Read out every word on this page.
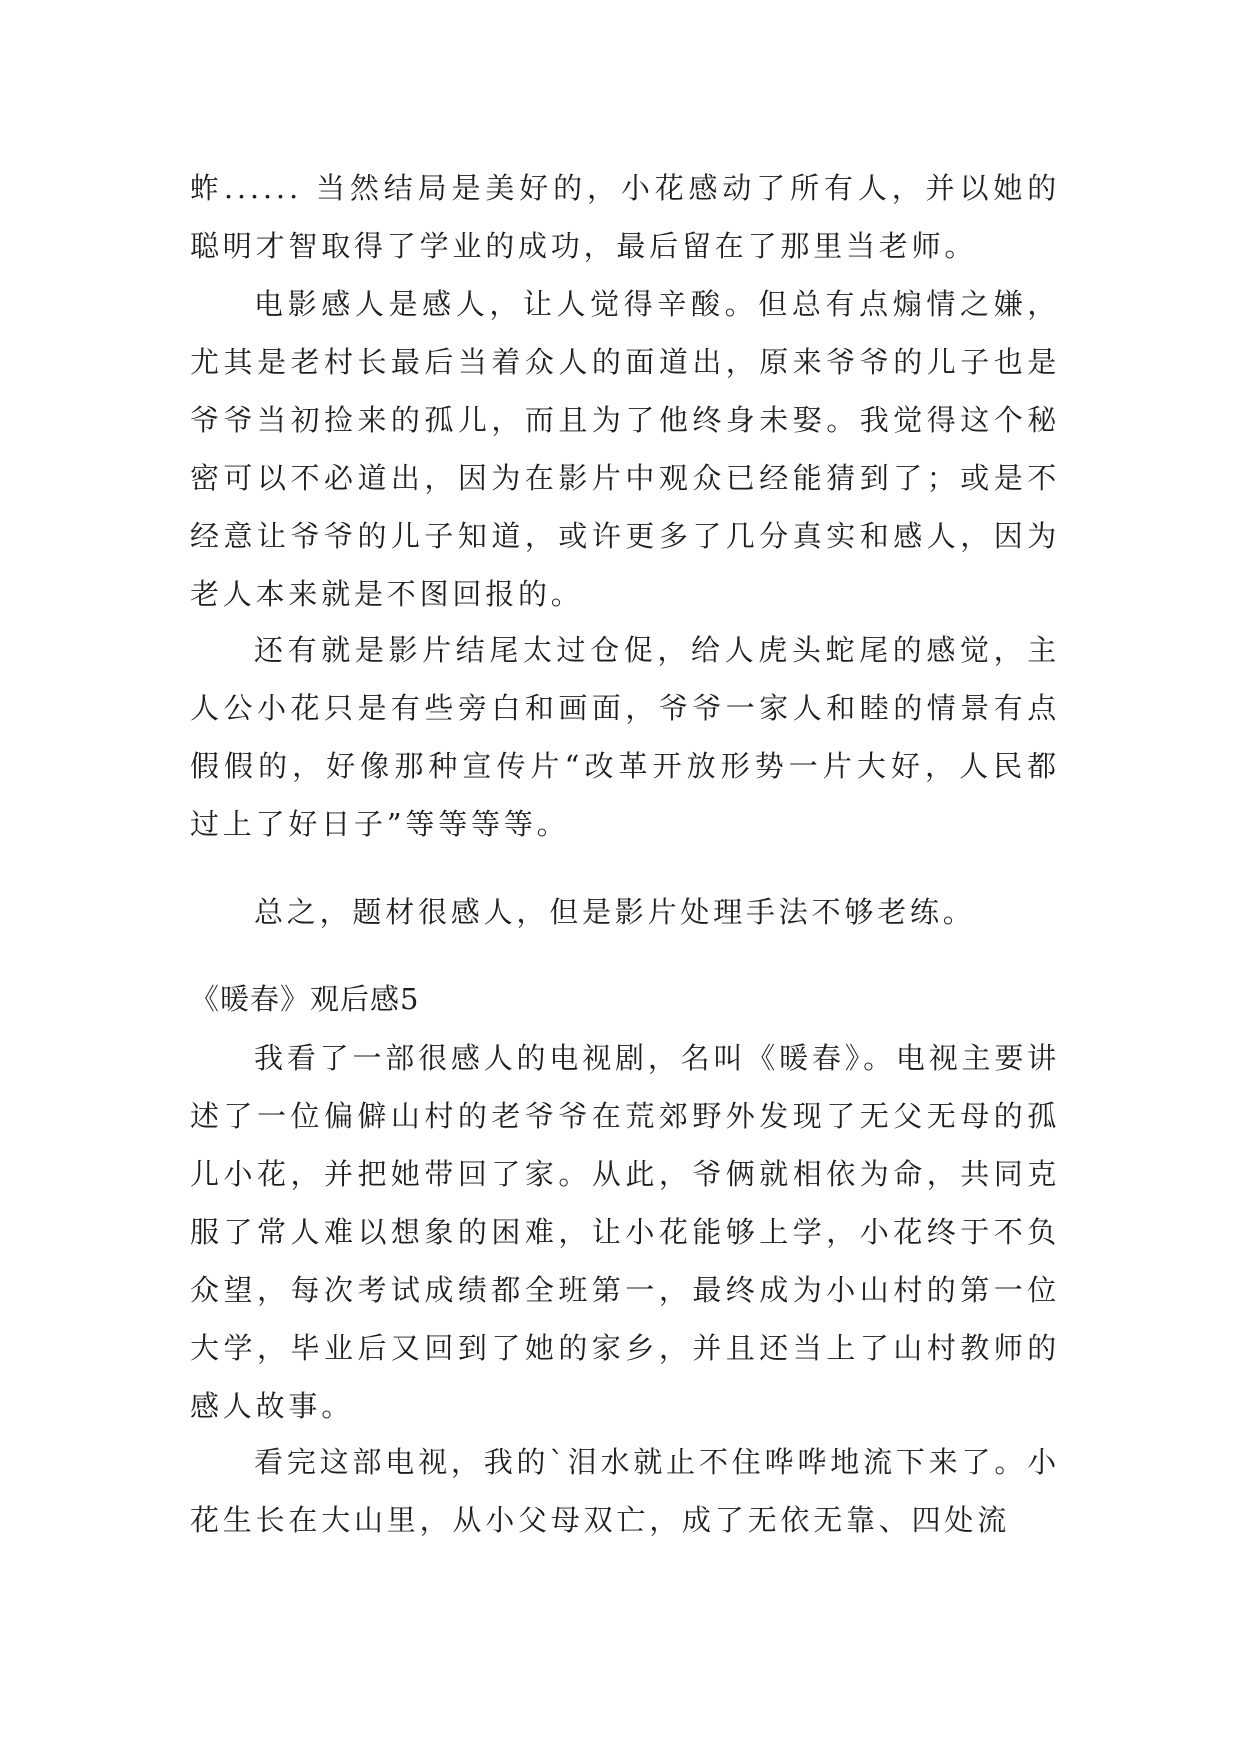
蚱...... 当然结局是美好的，小花感动了所有人，并以她的聪明才智取得了学业的成功，最后留在了那里当老师。
电影感人是感人，让人觉得辛酸。但总有点煽情之嫌，尤其是老村长最后当着众人的面道出，原来爷爷的儿子也是爷爷当初捡来的孤儿，而且为了他终身未娶。我觉得这个秘密可以不必道出，因为在影片中观众已经能猜到了；或是不经意让爷爷的儿子知道，或许更多了几分真实和感人，因为老人本来就是不图回报的。
还有就是影片结尾太过仓促，给人虎头蛇尾的感觉，主人公小花只是有些旁白和画面，爷爷一家人和睦的情景有点假假的，好像那种宣传片“改革开放形势一片大好，人民都过上了好日子”等等等等。
总之，题材很感人，但是影片处理手法不够老练。
《暖春》观后感5
我看了一部很感人的电视剧，名叫《暖春》。电视主要讲述了一位偏僻山村的老爷爷在荒郊野外发现了无父无母的孤儿小花，并把她带回了家。从此，爷俩就相依为命，共同克服了常人难以想象的困难，让小花能够上学，小花终于不负众望，每次考试成绩都全班第一，最终成为小山村的第一位大学，毕业后又回到了她的家乡，并且还当上了山村教师的感人故事。
看完这部电视，我的`泪水就止不住哗哗地流下来了。小花生长在大山里，从小父母双亡，成了无依无靠、四处流
